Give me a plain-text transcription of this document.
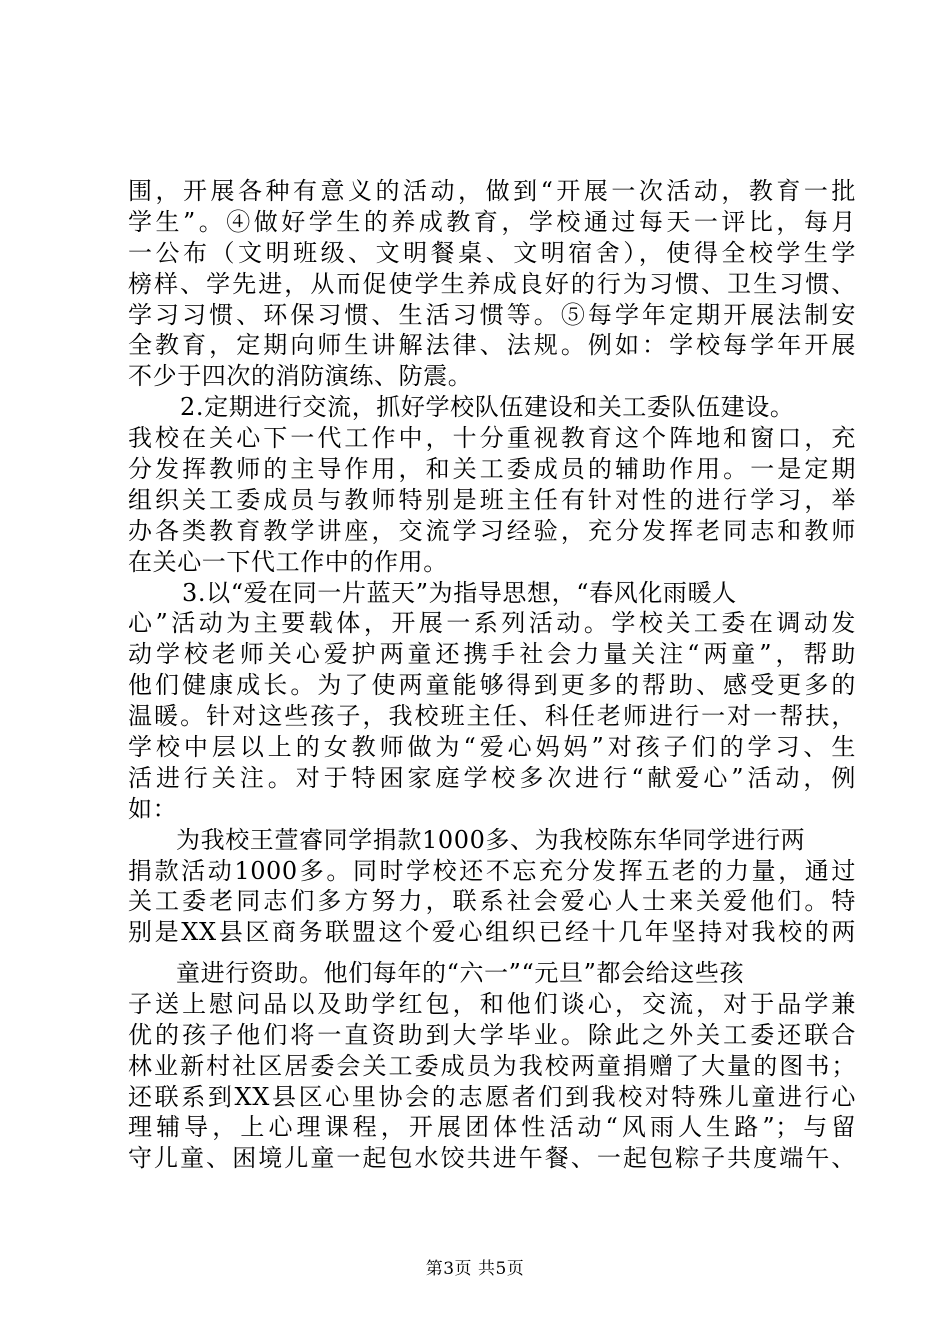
围，开展各种有意义的活动，做到“开展一次活动，教育一批
学生”。④做好学生的养成教育，学校通过每天一评比，每月
一公布（文明班级、文明餐桌、文明宿舍），使得全校学生学
榜样、学先进，从而促使学生养成良好的行为习惯、卫生习惯、
学习习惯、环保习惯、生活习惯等。⑤每学年定期开展法制安
全教育，定期向师生讲解法律、法规。例如：学校每学年开展
不少于四次的消防演练、防震。
2.定期进行交流，抓好学校队伍建设和关工委队伍建设。
我校在关心下一代工作中，十分重视教育这个阵地和窗口，充
分发挥教师的主导作用，和关工委成员的辅助作用。一是定期
组织关工委成员与教师特别是班主任有针对性的进行学习，举
办各类教育教学讲座，交流学习经验，充分发挥老同志和教师
在关心一下代工作中的作用。
3.以“爱在同一片蓝天”为指导思想，“春风化雨暖人
心”活动为主要载体，开展一系列活动。学校关工委在调动发
动学校老师关心爱护两童还携手社会力量关注“两童”，帮助
他们健康成长。为了使两童能够得到更多的帮助、感受更多的
温暖。针对这些孩子，我校班主任、科任老师进行一对一帮扶，
学校中层以上的女教师做为“爱心妈妈”对孩子们的学习、生
活进行关注。对于特困家庭学校多次进行“献爱心”活动，例
如：
为我校王萱睿同学捐款1000多、为我校陈东华同学进行两
捐款活动1000多。同时学校还不忘充分发挥五老的力量，通过
关工委老同志们多方努力，联系社会爱心人士来关爱他们。特
别是XX县区商务联盟这个爱心组织已经十几年坚持对我校的两
童进行资助。他们每年的“六一”“元旦”都会给这些孩
子送上慰问品以及助学红包，和他们谈心，交流，对于品学兼
优的孩子他们将一直资助到大学毕业。除此之外关工委还联合
林业新村社区居委会关工委成员为我校两童捐赠了大量的图书；
还联系到XX县区心里协会的志愿者们到我校对特殊儿童进行心
理辅导，上心理课程，开展团体性活动“风雨人生路”；与留
守儿童、困境儿童一起包水饺共进午餐、一起包粽子共度端午、
第3页 共5页
